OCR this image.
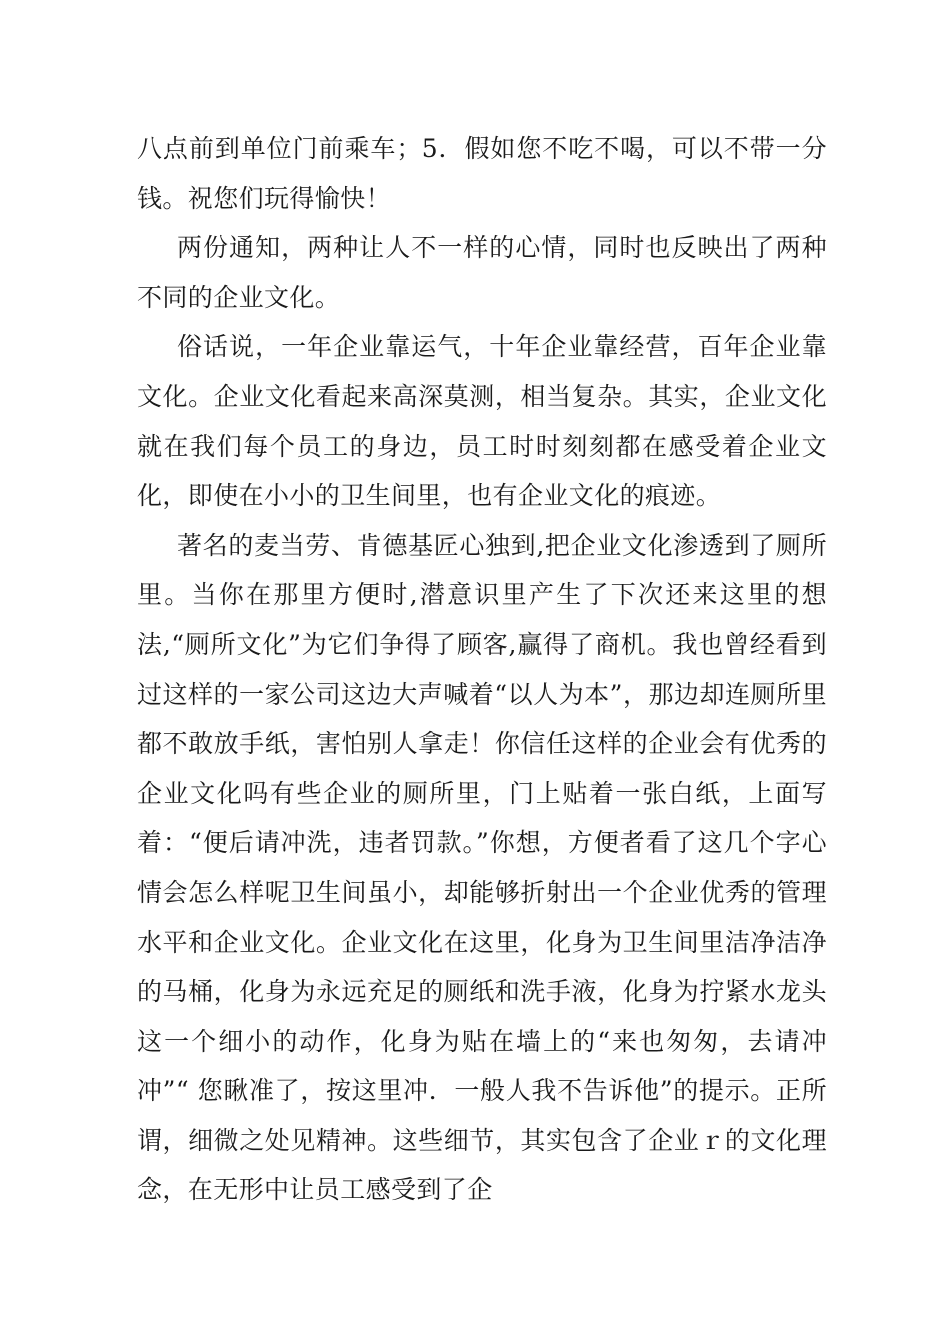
八点前到单位门前乘车；5．假如您不吃不喝，可以不带一分钱。祝您们玩得愉快！

两份通知，两种让人不一样的心情，同时也反映出了两种不同的企业文化。

俗话说，一年企业靠运气，十年企业靠经营，百年企业靠文化。企业文化看起来高深莫测，相当复杂。其实，企业文化就在我们每个员工的身边，员工时时刻刻都在感受着企业文化，即使在小小的卫生间里，也有企业文化的痕迹。

著名的麦当劳、肯德基匠心独到,把企业文化渗透到了厕所里。当你在那里方便时,潜意识里产生了下次还来这里的想法,“厕所文化”为它们争得了顾客,赢得了商机。我也曾经看到过这样的一家公司这边大声喊着“以人为本”，那边却连厕所里都不敢放手纸，害怕别人拿走！你信任这样的企业会有优秀的企业文化吗有些企业的厕所里，门上贴着一张白纸，上面写着：“便后请冲洗，违者罚款。”你想，方便者看了这几个字心情会怎么样呢卫生间虽小，却能够折射出一个企业优秀的管理水平和企业文化。企业文化在这里，化身为卫生间里洁净洁净的马桶，化身为永远充足的厕纸和洗手液，化身为拧紧水龙头这一个细小的动作，化身为贴在墙上的“来也匆匆，去请冲冲”“ 您瞅准了，按这里冲．一般人我不告诉他”的提示。正所谓，细微之处见精神。这些细节，其实包含了企业ｒ的文化理念，在无形中让员工感受到了企
